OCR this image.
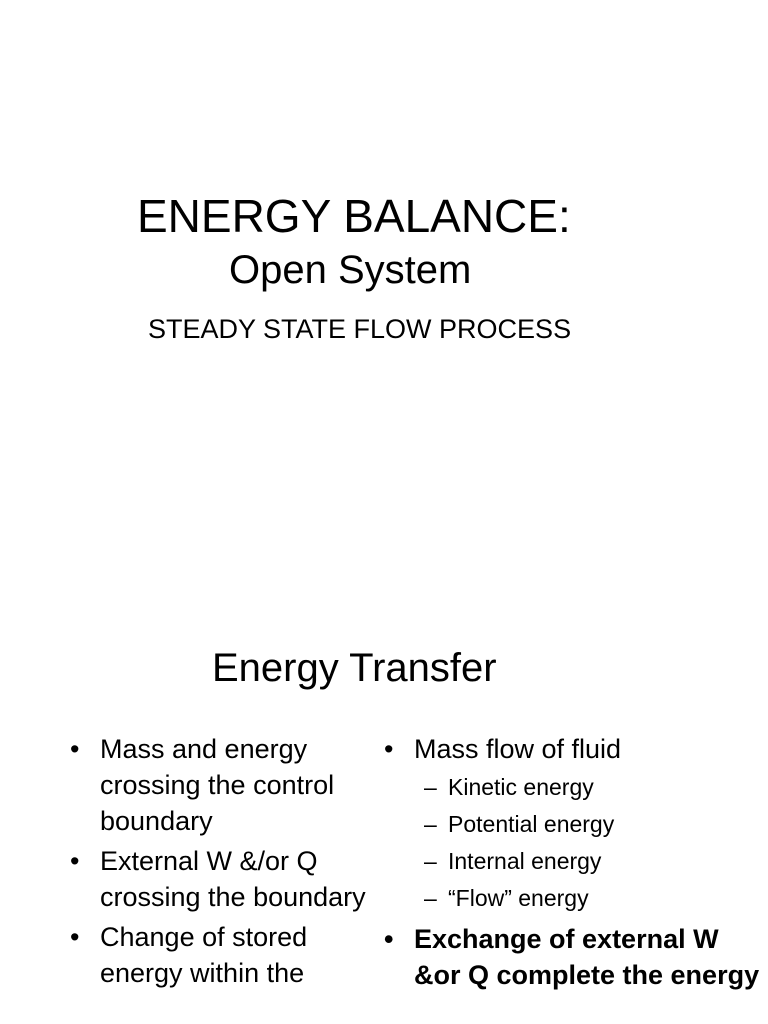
ENERGY BALANCE:
Open System
STEADY STATE FLOW PROCESS
Energy Transfer
• Mass and energy crossing the control boundary
• External W &/or Q crossing the boundary
• Change of stored energy within the
• Mass flow of fluid
– Kinetic energy
– Potential energy
– Internal energy
– “Flow” energy
• Exchange of external W &or Q complete the energy
